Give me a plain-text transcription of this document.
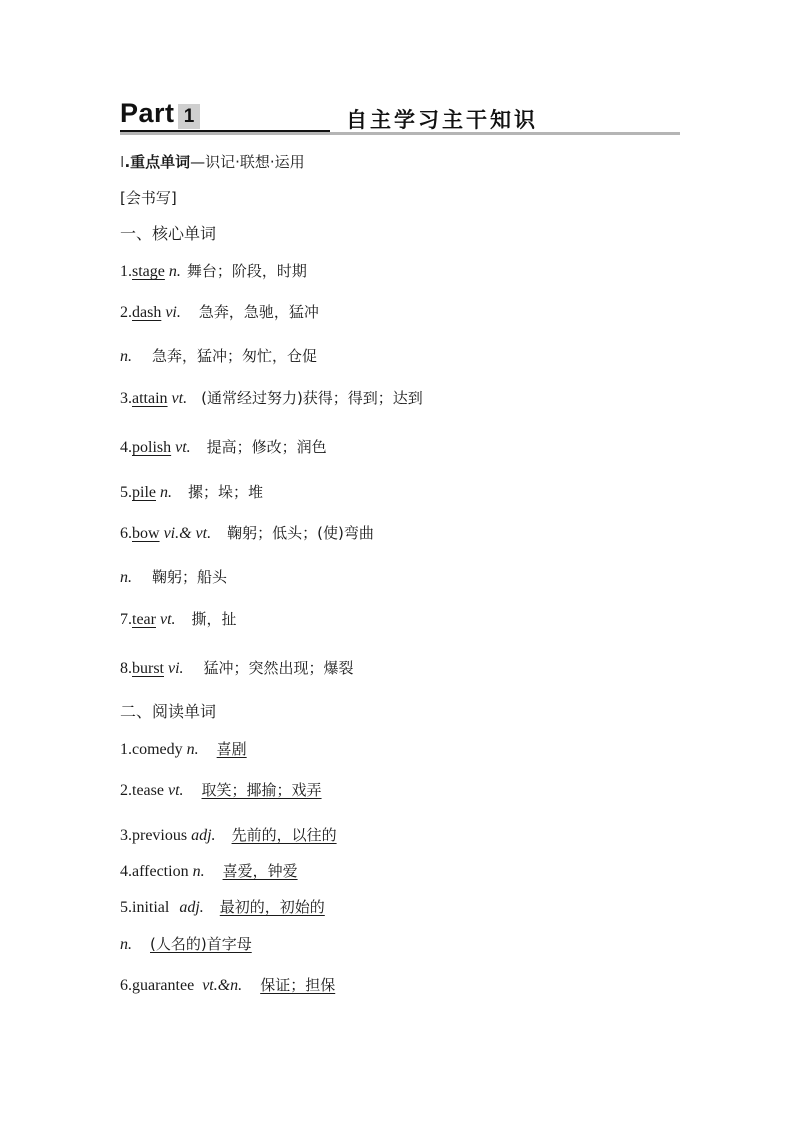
Part 1	自主学习主干知识
Ⅰ.重点单词—识记·联想·运用
[会书写]
一、核心单词
1.stage n. 舞台；阶段，时期
2.dash vi. 急奔，急驰，猛冲
n. 急奔，猛冲；匆忙，仓促
3.attain vt. (通常经过努力)获得；得到；达到
4.polish vt. 提高；修改；润色
5.pile n. 摞；垛；堆
6.bow vi.& vt. 鞠躬；低头；(使)弯曲
n. 鞠躬；船头
7.tear vt. 撕，扯
8.burst vi. 猛冲；突然出现；爆裂
二、阅读单词
1.comedy n. 喜剧
2.tease vt. 取笑；揶揄；戏弄
3.previous adj. 先前的，以往的
4.affection n. 喜爱，钟爱
5.initial adj. 最初的，初始的
n. (人名的)首字母
6.guarantee vt.&n. 保证；担保
